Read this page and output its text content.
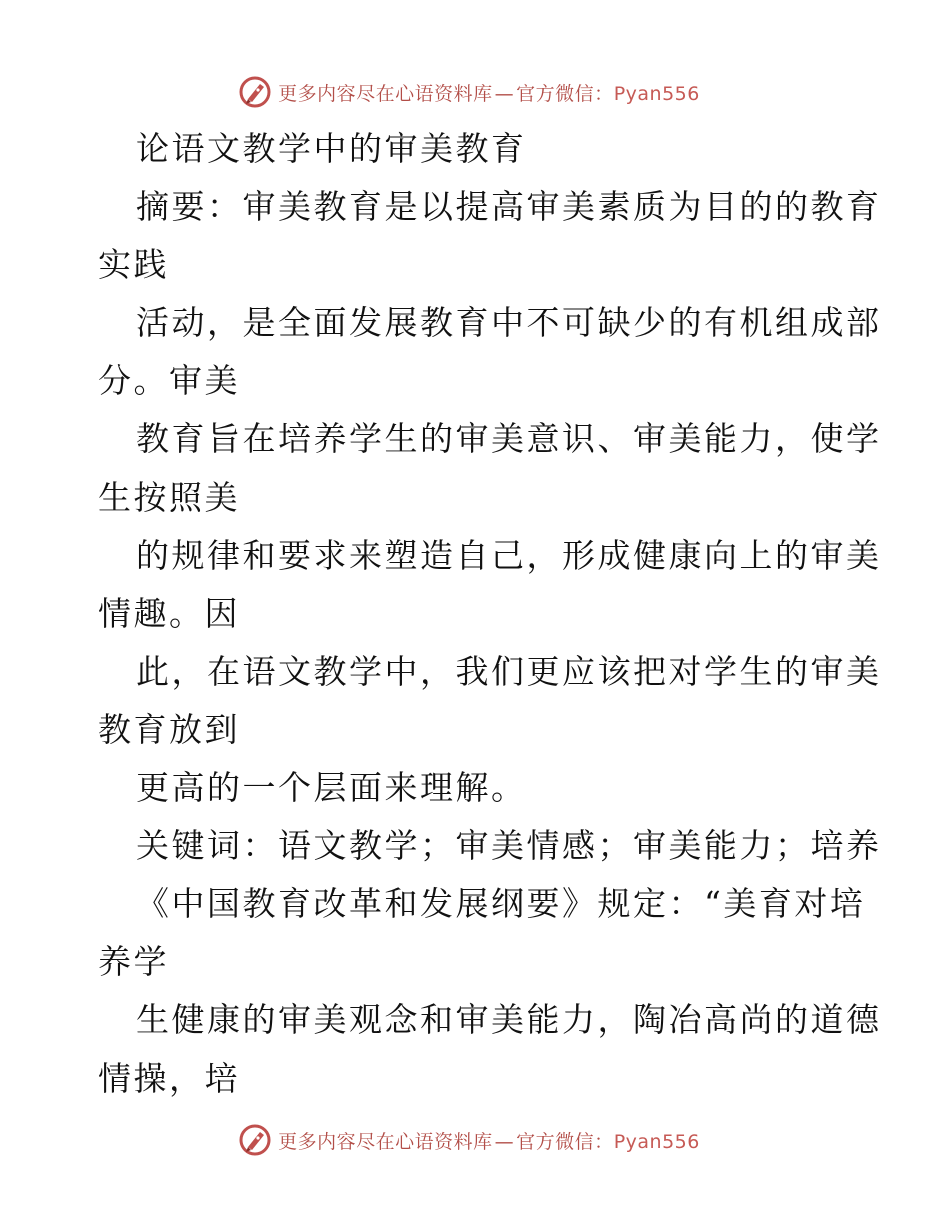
更多内容尽在心语资料库 — 官方微信：Pyan556
论语文教学中的审美教育
摘要：审美教育是以提高审美素质为目的的教育
实践
活动，是全面发展教育中不可缺少的有机组成部
分。审美
教育旨在培养学生的审美意识、审美能力，使学
生按照美
的规律和要求来塑造自己，形成健康向上的审美
情趣。因
此，在语文教学中，我们更应该把对学生的审美
教育放到
更高的一个层面来理解。
关键词：语文教学；审美情感；审美能力；培养
《中国教育改革和发展纲要》规定：“美育对培
养学
生健康的审美观念和审美能力，陶冶高尚的道德
情操，培
更多内容尽在心语资料库 — 官方微信：Pyan556
